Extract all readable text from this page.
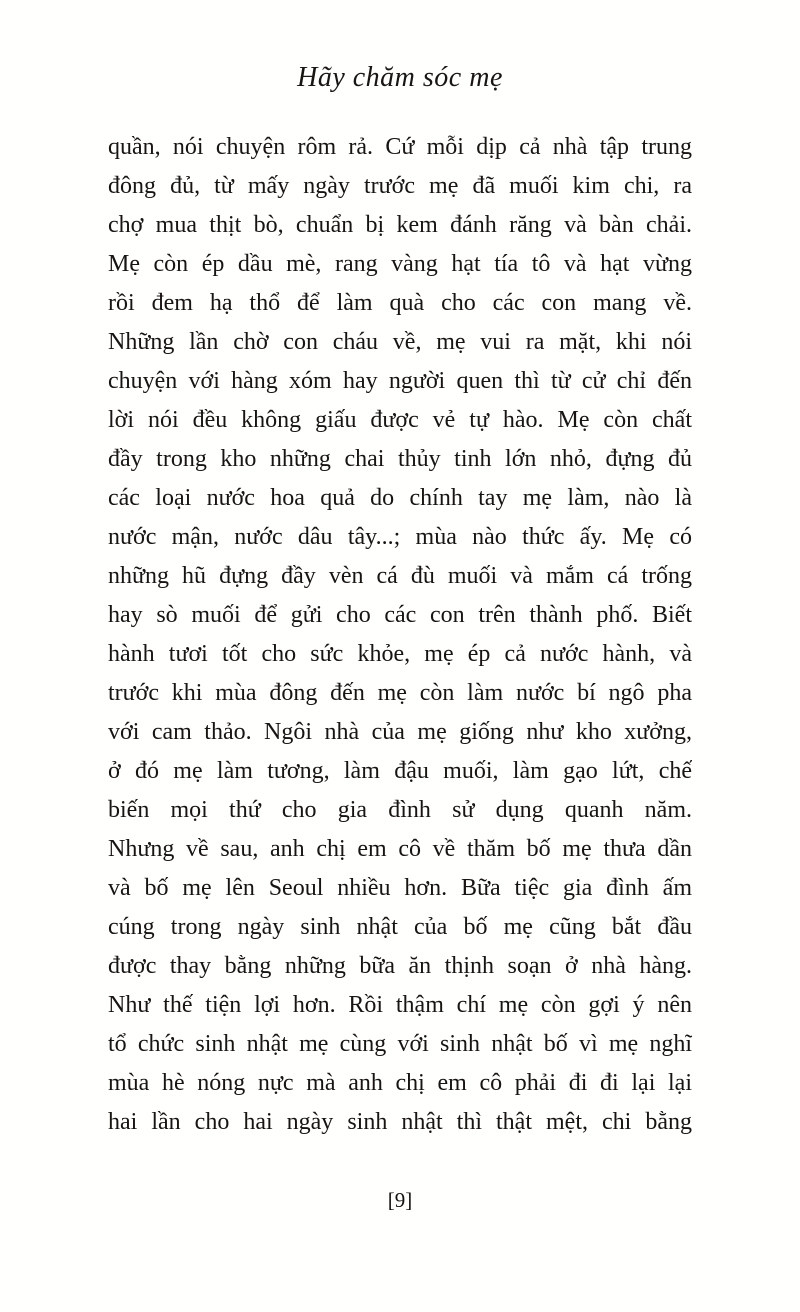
Hãy chăm sóc mẹ
quần, nói chuyện rôm rả. Cứ mỗi dịp cả nhà tập trung
đông đủ, từ mấy ngày trước mẹ đã muối kim chi, ra
chợ mua thịt bò, chuẩn bị kem đánh răng và bàn chải.
Mẹ còn ép dầu mè, rang vàng hạt tía tô và hạt vừng
rồi đem hạ thổ để làm quà cho các con mang về.
Những lần chờ con cháu về, mẹ vui ra mặt, khi nói
chuyện với hàng xóm hay người quen thì từ cử chỉ đến
lời nói đều không giấu được vẻ tự hào. Mẹ còn chất
đầy trong kho những chai thủy tinh lớn nhỏ, đựng đủ
các loại nước hoa quả do chính tay mẹ làm, nào là
nước mận, nước dâu tây...; mùa nào thức ấy. Mẹ có
những hũ đựng đầy vèn cá đù muối và mắm cá trống
hay sò muối để gửi cho các con trên thành phố. Biết
hành tươi tốt cho sức khỏe, mẹ ép cả nước hành, và
trước khi mùa đông đến mẹ còn làm nước bí ngô pha
với cam thảo. Ngôi nhà của mẹ giống như kho xưởng,
ở đó mẹ làm tương, làm đậu muối, làm gạo lứt, chế
biến mọi thứ cho gia đình sử dụng quanh năm.
Nhưng về sau, anh chị em cô về thăm bố mẹ thưa dần
và bố mẹ lên Seoul nhiều hơn. Bữa tiệc gia đình ấm
cúng trong ngày sinh nhật của bố mẹ cũng bắt đầu
được thay bằng những bữa ăn thịnh soạn ở nhà hàng.
Như thế tiện lợi hơn. Rồi thậm chí mẹ còn gợi ý nên
tổ chức sinh nhật mẹ cùng với sinh nhật bố vì mẹ nghĩ
mùa hè nóng nực mà anh chị em cô phải đi đi lại lại
hai lần cho hai ngày sinh nhật thì thật mệt, chi bằng
[9]
